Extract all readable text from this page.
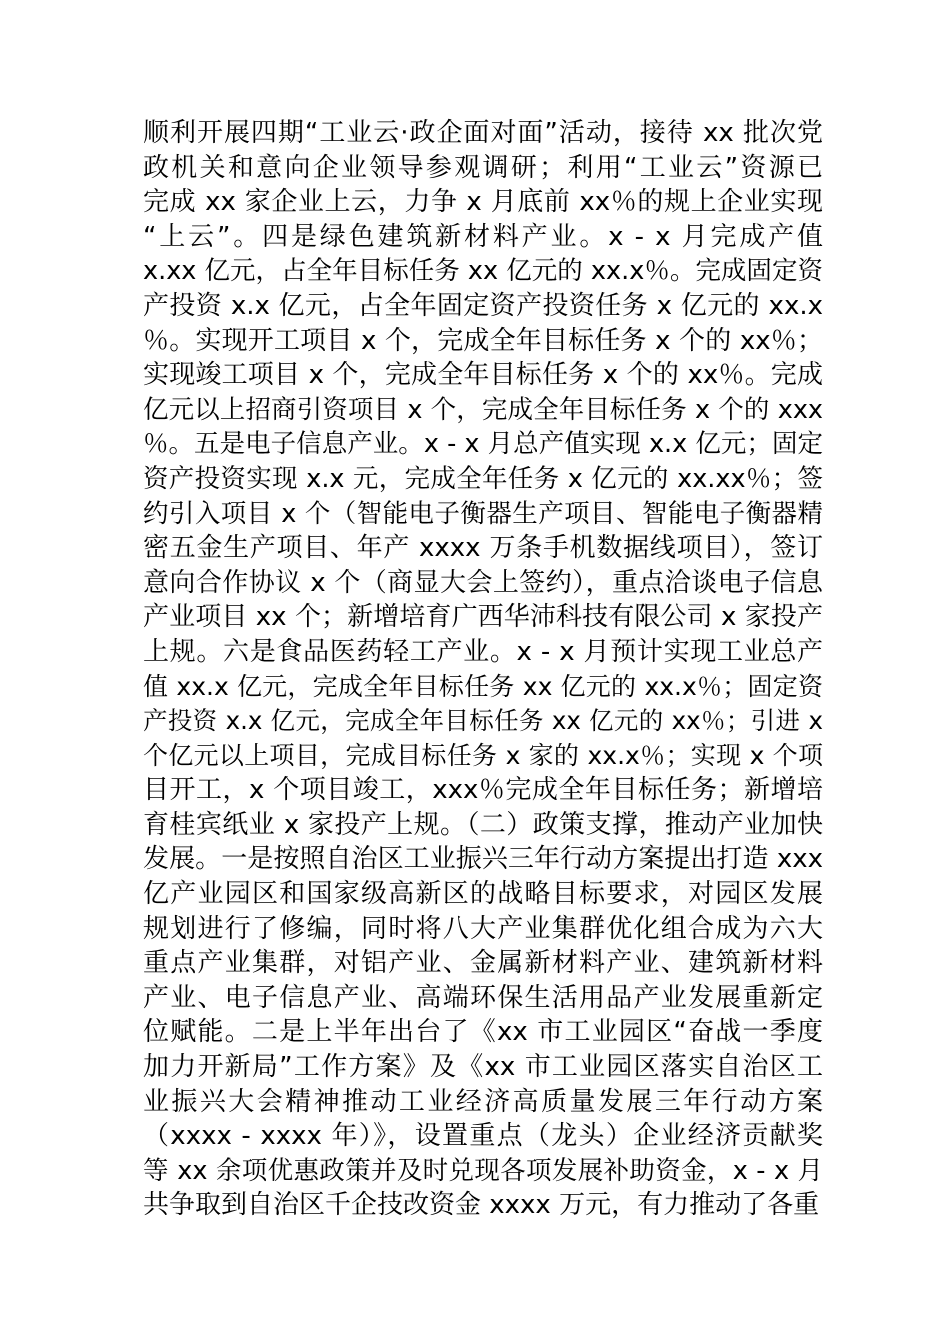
顺利开展四期“工业云·政企面对面”活动，接待 xx 批次党
政机关和意向企业领导参观调研；利用“工业云”资源已
完成 xx 家企业上云，力争 x 月底前 xx％的规上企业实现
“上云”。四是绿色建筑新材料产业。x - x 月完成产值
x.xx 亿元，占全年目标任务 xx 亿元的 xx.x％。完成固定资
产投资 x.x 亿元，占全年固定资产投资任务 x 亿元的 xx.x
％。实现开工项目 x 个，完成全年目标任务 x 个的 xx％；
实现竣工项目 x 个，完成全年目标任务 x 个的 xx％。完成
亿元以上招商引资项目 x 个，完成全年目标任务 x 个的 xxx
％。五是电子信息产业。x - x 月总产值实现 x.x 亿元；固定
资产投资实现 x.x 元，完成全年任务 x 亿元的 xx.xx％；签
约引入项目 x 个（智能电子衡器生产项目、智能电子衡器精
密五金生产项目、年产 xxxx 万条手机数据线项目），签订
意向合作协议 x 个（商显大会上签约），重点洽谈电子信息
产业项目 xx 个；新增培育广西华沛科技有限公司 x 家投产
上规。六是食品医药轻工产业。x - x 月预计实现工业总产
值 xx.x 亿元，完成全年目标任务 xx 亿元的 xx.x％；固定资
产投资 x.x 亿元，完成全年目标任务 xx 亿元的 xx％；引进 x
个亿元以上项目，完成目标任务 x 家的 xx.x％；实现 x 个项
目开工，x 个项目竣工，xxx％完成全年目标任务；新增培
育桂宾纸业 x 家投产上规。（二）政策支撑，推动产业加快
发展。一是按照自治区工业振兴三年行动方案提出打造 xxx
亿产业园区和国家级高新区的战略目标要求，对园区发展
规划进行了修编，同时将八大产业集群优化组合成为六大
重点产业集群，对铝产业、金属新材料产业、建筑新材料
产业、电子信息产业、高端环保生活用品产业发展重新定
位赋能。二是上半年出台了《xx 市工业园区“奋战一季度
加力开新局”工作方案》及《xx 市工业园区落实自治区工
业振兴大会精神推动工业经济高质量发展三年行动方案
（xxxx - xxxx 年）》，设置重点（龙头）企业经济贡献奖
等 xx 余项优惠政策并及时兑现各项发展补助资金，x - x 月
共争取到自治区千企技改资金 xxxx 万元，有力推动了各重
